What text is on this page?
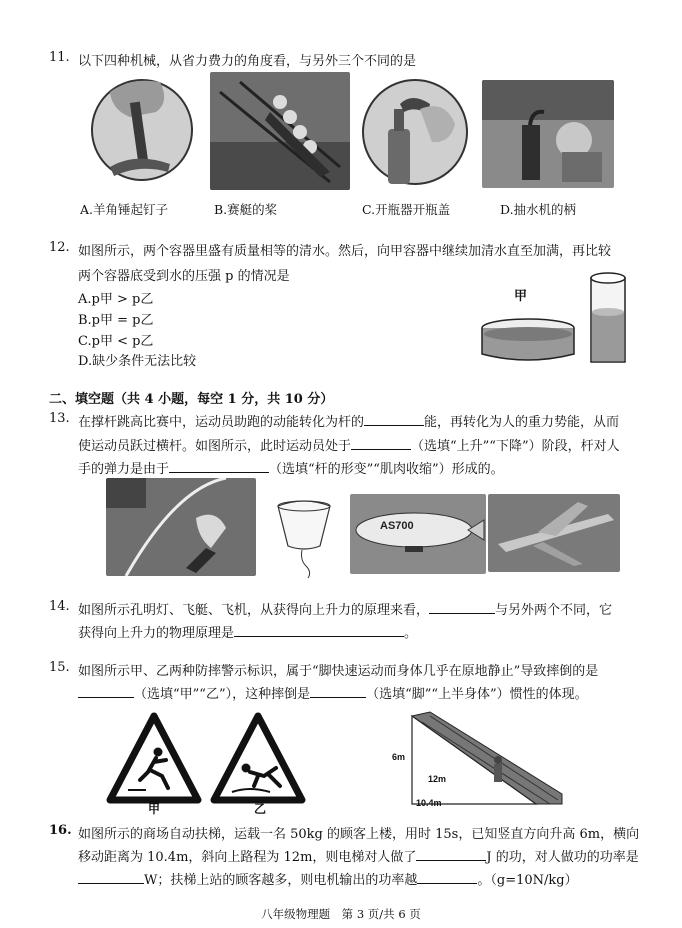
11. 以下四种机械，从省力费力的角度看，与另外三个不同的是
A.羊角锤起钉子	B.赛艇的桨	C.开瓶器开瓶盖	D.抽水机的柄
12. 如图所示，两个容器里盛有质量相等的清水。然后，向甲容器中继续加清水直至加满，再比较
两个容器底受到水的压强 p 的情况是
A.p甲 > p乙
B.p甲 = p乙
C.p甲 < p乙
D.缺少条件无法比较
甲
二、填空题（共 4 小题，每空 1 分，共 10 分）
13. 在撑杆跳高比赛中，运动员助跑的动能转化为杆的	能，再转化为人的重力势能，从而
使运动员跃过横杆。如图所示，此时运动员处于	（选填“上升”“下降”）阶段，杆对人
手的弹力是由于	（选填“杆的形变”“肌肉收缩”）形成的。
AS700
14. 如图所示孔明灯、飞艇、飞机，从获得向上升力的原理来看，	与另外两个不同，它
获得向上升力的物理原理是	。
15. 如图所示甲、乙两种防摔警示标识，属于“脚快速运动而身体几乎在原地静止”导致摔倒的是
（选填“甲”“乙”），这种摔倒是	（选填“脚”“上半身体”）惯性的体现。
甲	乙
6m
12m
10.4m
16. 如图所示的商场自动扶梯，运载一名 50kg 的顾客上楼，用时 15s，已知竖直方向升高 6m，横向
移动距离为 10.4m，斜向上路程为 12m，则电梯对人做了	J 的功，对人做功的功率是
W；扶梯上站的顾客越多，则电机输出的功率越	。（g=10N/kg）
八年级物理题　第 3 页/共 6 页
